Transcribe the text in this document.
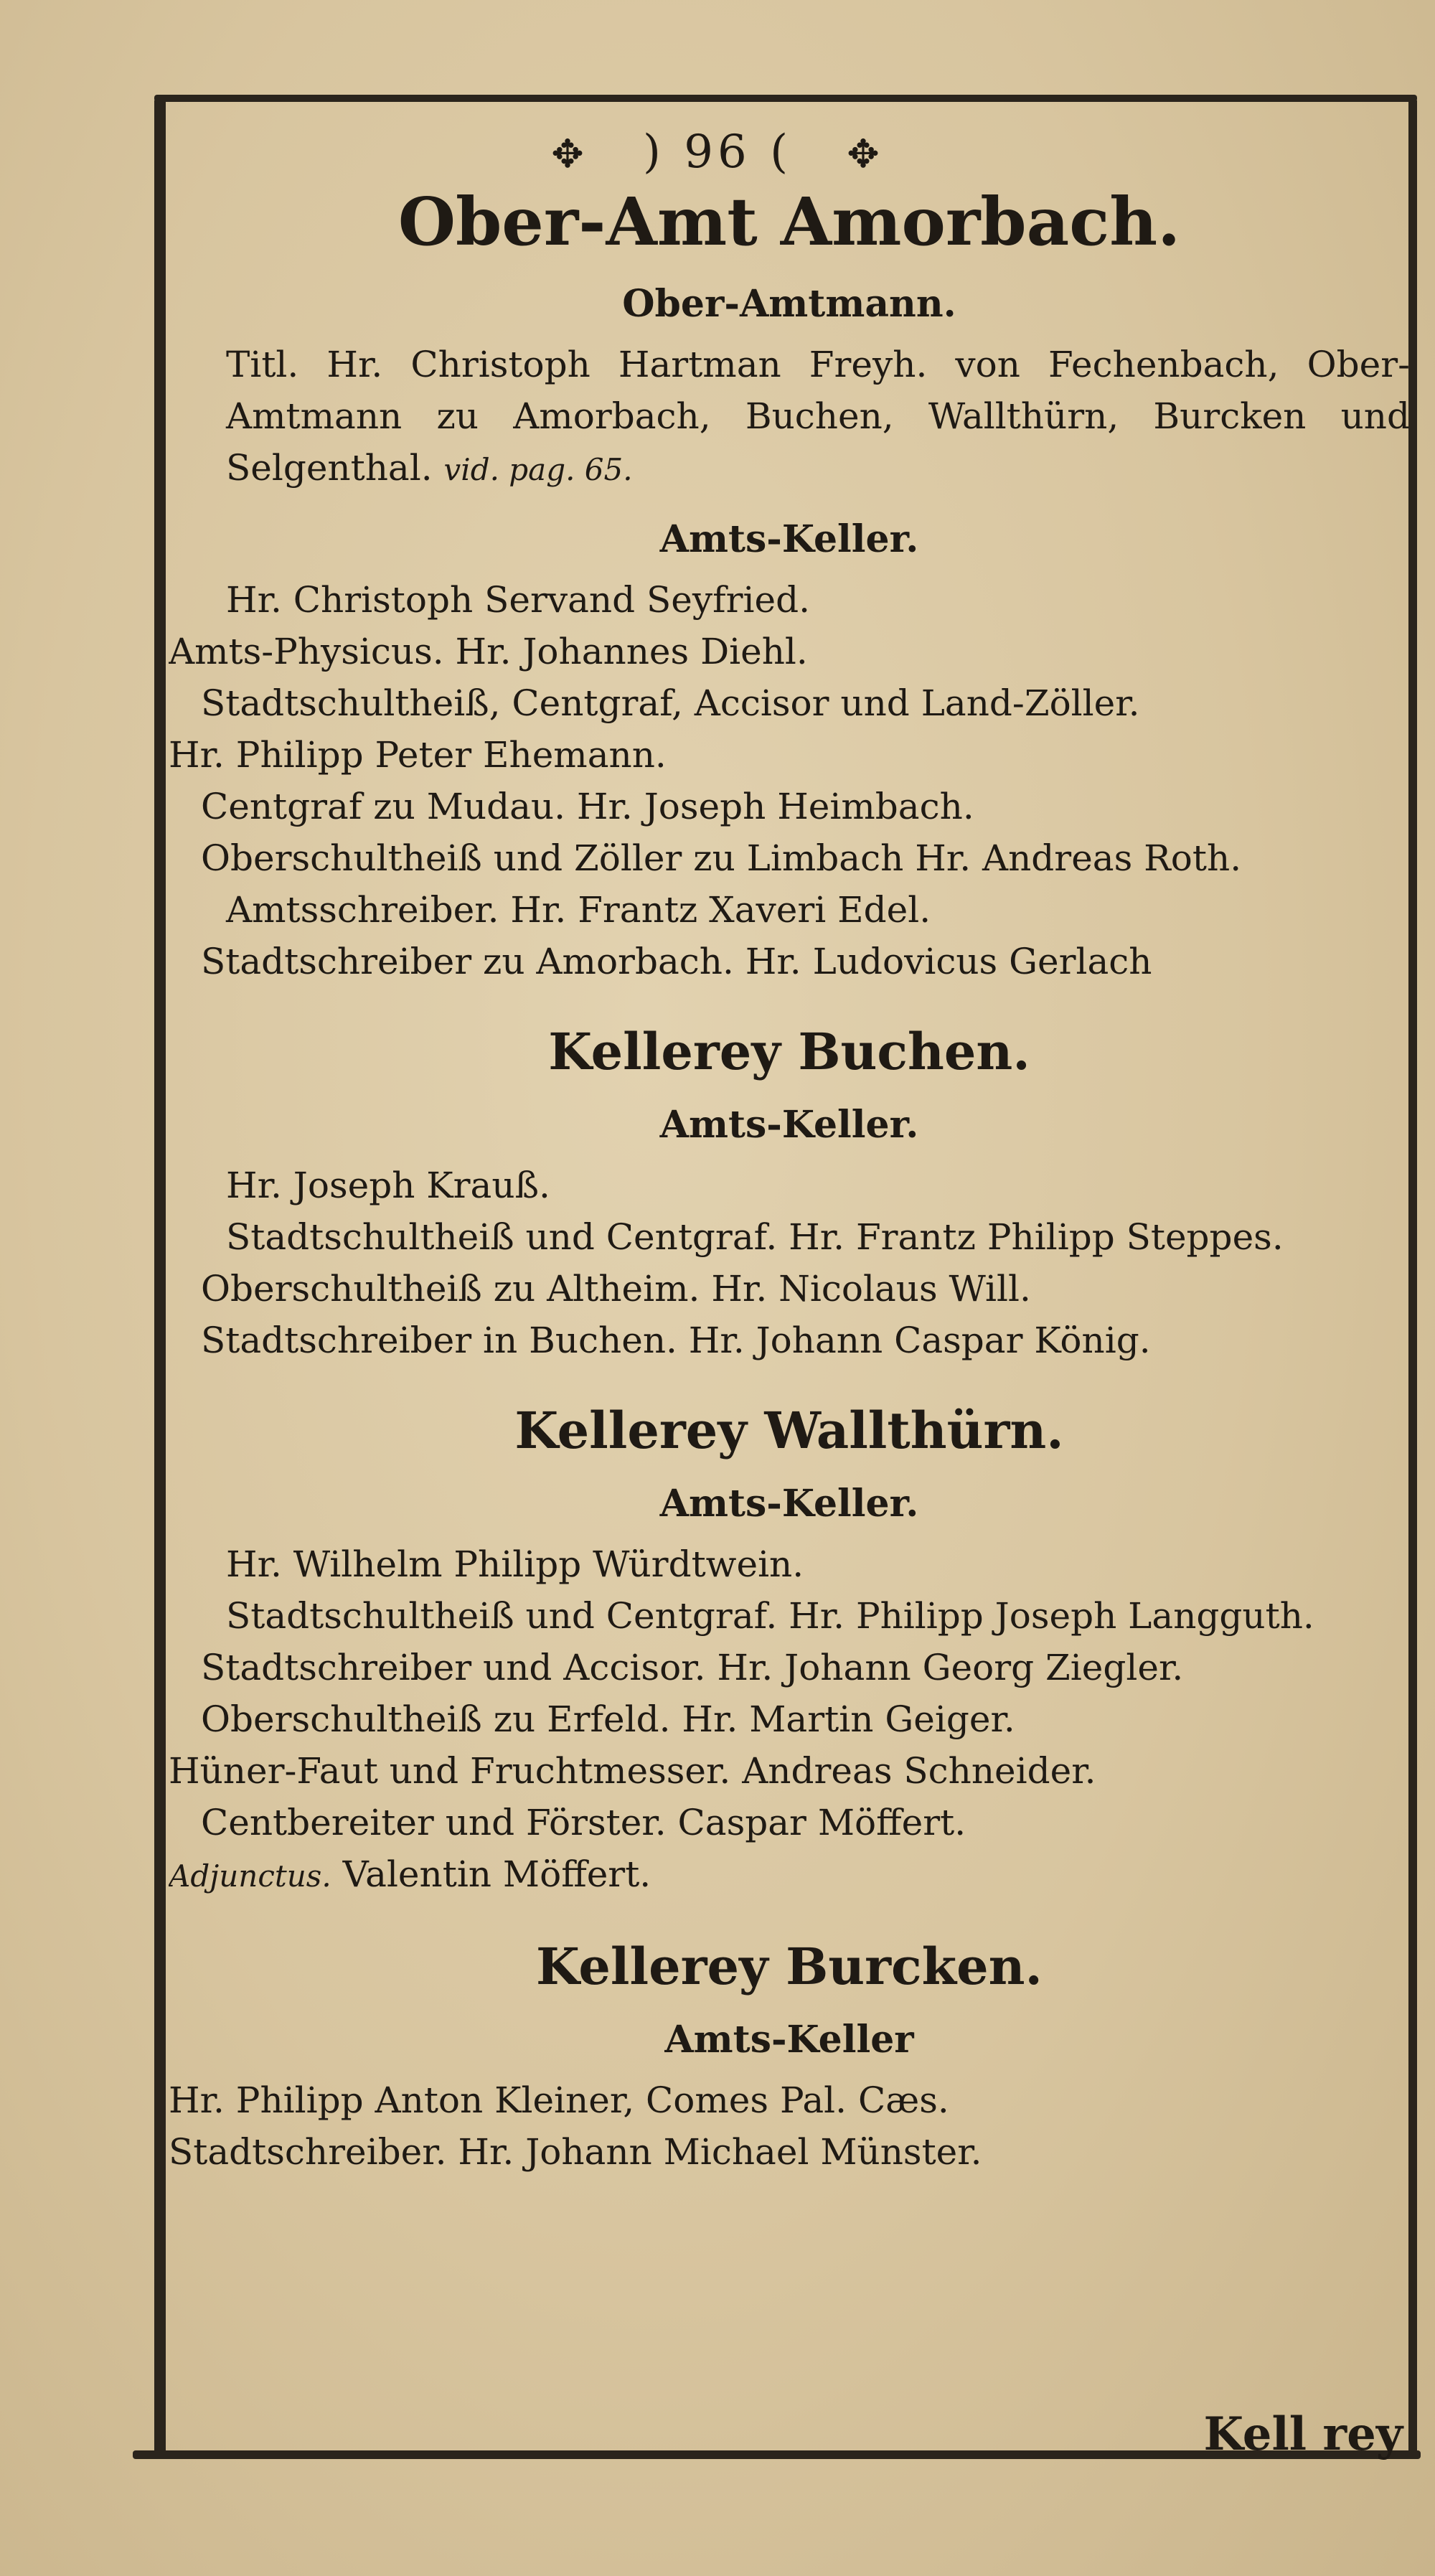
✥ ) 96 ( ✥
Ober-Amt Amorbach.
Ober-Amtmann.
Titl. Hr. Christoph Hartman Freyh. von Fechenbach, Ober-Amtmann zu Amorbach, Buchen, Wallthürn, Burcken und Selgenthal. vid. pag. 65.
Amts-Keller.
Hr. Christoph Servand Seyfried.
Amts-Physicus. Hr. Johannes Diehl.
Stadtschultheiß, Centgraf, Accisor und Land-Zöller.
Hr. Philipp Peter Ehemann.
Centgraf zu Mudau. Hr. Joseph Heimbach.
Oberschultheiß und Zöller zu Limbach Hr. Andreas Roth.
Amtsschreiber. Hr. Frantz Xaveri Edel.
Stadtschreiber zu Amorbach. Hr. Ludovicus Gerlach
Kellerey Buchen.
Amts-Keller.
Hr. Joseph Krauß.
Stadtschultheiß und Centgraf. Hr. Frantz Philipp Steppes.
Oberschultheiß zu Altheim. Hr. Nicolaus Will.
Stadtschreiber in Buchen. Hr. Johann Caspar König.
Kellerey Wallthürn.
Amts-Keller.
Hr. Wilhelm Philipp Würdtwein.
Stadtschultheiß und Centgraf. Hr. Philipp Joseph Langguth.
Stadtschreiber und Accisor. Hr. Johann Georg Ziegler.
Oberschultheiß zu Erfeld. Hr. Martin Geiger.
Hüner-Faut und Fruchtmesser. Andreas Schneider.
Centbereiter und Förster. Caspar Möffert.
Adjunctus. Valentin Möffert.
Kellerey Burcken.
Amts-Keller
Hr. Philipp Anton Kleiner, Comes Pal. Cæs.
Stadtschreiber. Hr. Johann Michael Münster.
Kell rey
